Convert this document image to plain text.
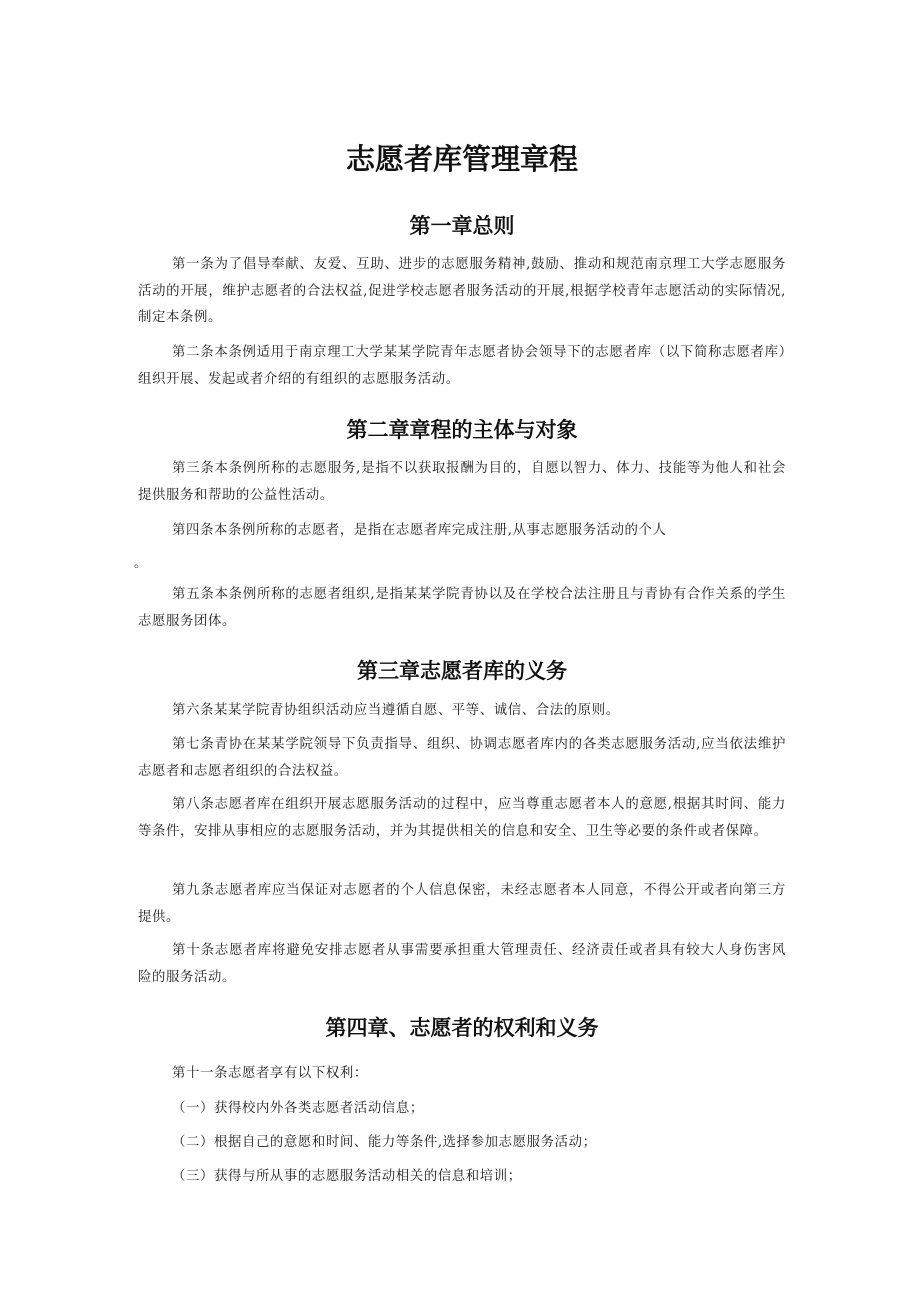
志愿者库管理章程
第一章总则

第一条为了倡导奉献、友爱、互助、进步的志愿服务精神,鼓励、推动和规范南京理工大学志愿服务活动的开展，维护志愿者的合法权益,促进学校志愿者服务活动的开展,根据学校青年志愿活动的实际情况,制定本条例。

第二条本条例适用于南京理工大学某某学院青年志愿者协会领导下的志愿者库（以下简称志愿者库）组织开展、发起或者介绍的有组织的志愿服务活动。

第二章章程的主体与对象

第三条本条例所称的志愿服务,是指不以获取报酬为目的，自愿以智力、体力、技能等为他人和社会提供服务和帮助的公益性活动。

第四条本条例所称的志愿者，是指在志愿者库完成注册,从事志愿服务活动的个人

。

第五条本条例所称的志愿者组织,是指某某学院青协以及在学校合法注册且与青协有合作关系的学生志愿服务团体。

第三章志愿者库的义务

第六条某某学院青协组织活动应当遵循自愿、平等、诚信、合法的原则。

第七条青协在某某学院领导下负责指导、组织、协调志愿者库内的各类志愿服务活动,应当依法维护志愿者和志愿者组织的合法权益。

第八条志愿者库在组织开展志愿服务活动的过程中，应当尊重志愿者本人的意愿,根据其时间、能力等条件，安排从事相应的志愿服务活动，并为其提供相关的信息和安全、卫生等必要的条件或者保障。

第九条志愿者库应当保证对志愿者的个人信息保密，未经志愿者本人同意，不得公开或者向第三方提供。

第十条志愿者库将避免安排志愿者从事需要承担重大管理责任、经济责任或者具有较大人身伤害风险的服务活动。

第四章、志愿者的权利和义务

第十一条志愿者享有以下权利：

（一）获得校内外各类志愿者活动信息；

（二）根据自己的意愿和时间、能力等条件,选择参加志愿服务活动；

（三）获得与所从事的志愿服务活动相关的信息和培训；
